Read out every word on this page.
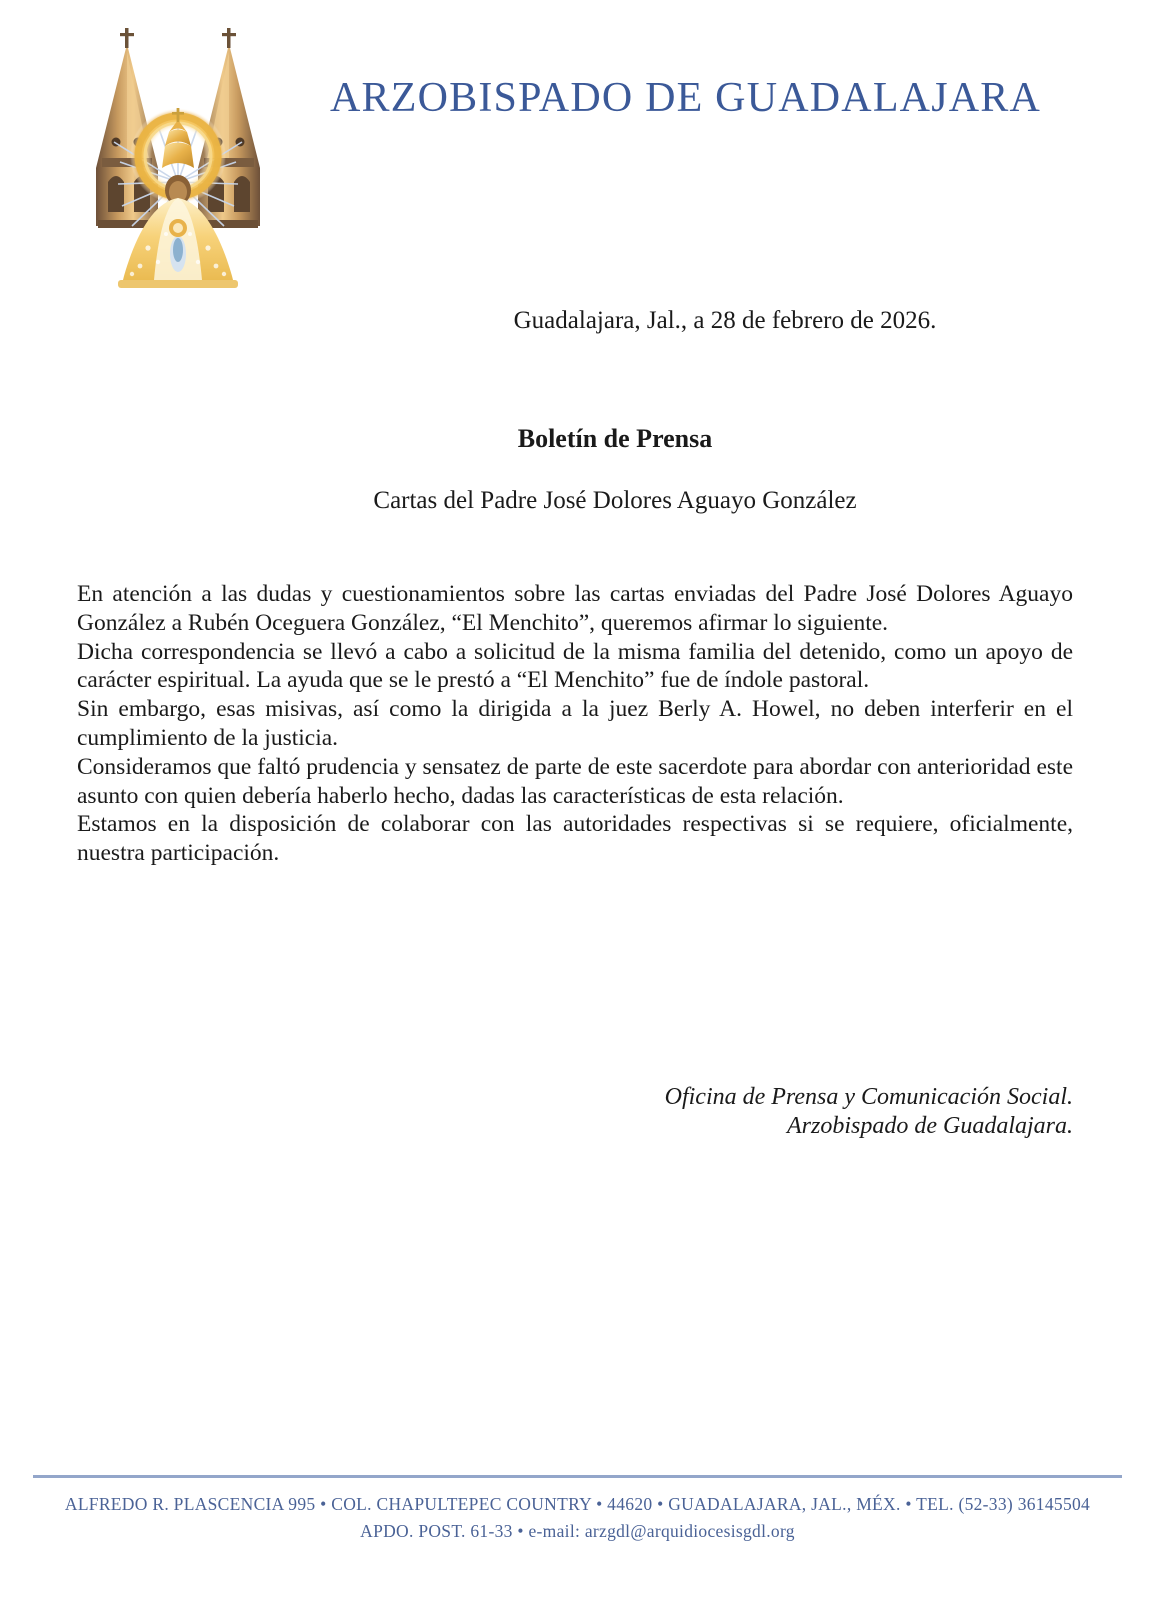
ARZOBISPADO DE GUADALAJARA
Guadalajara, Jal., a 28 de febrero de 2026.
Boletín de Prensa
Cartas del Padre José Dolores Aguayo González

En atención a las dudas y cuestionamientos sobre las cartas enviadas del Padre José Dolores Aguayo González a Rubén Oceguera González, “El Menchito”, queremos afirmar lo siguiente.

Dicha correspondencia se llevó a cabo a solicitud de la misma familia del detenido, como un apoyo de carácter espiritual. La ayuda que se le prestó a “El Menchito” fue de índole pastoral.

Sin embargo, esas misivas, así como la dirigida a la juez Berly A. Howel, no deben interferir en el cumplimiento de la justicia.

Consideramos que faltó prudencia y sensatez de parte de este sacerdote para abordar con anterioridad este asunto con quien debería haberlo hecho, dadas las características de esta relación.

Estamos en la disposición de colaborar con las autoridades respectivas si se requiere, oficialmente, nuestra participación.

Oficina de Prensa y Comunicación Social.
Arzobispado de Guadalajara.
ALFREDO R. PLASCENCIA 995 • COL. CHAPULTEPEC COUNTRY • 44620 • GUADALAJARA, JAL., MÉX. • TEL. (52-33) 36145504
APDO. POST. 61-33 • e-mail: arzgdl@arquidiocesisgdl.org
